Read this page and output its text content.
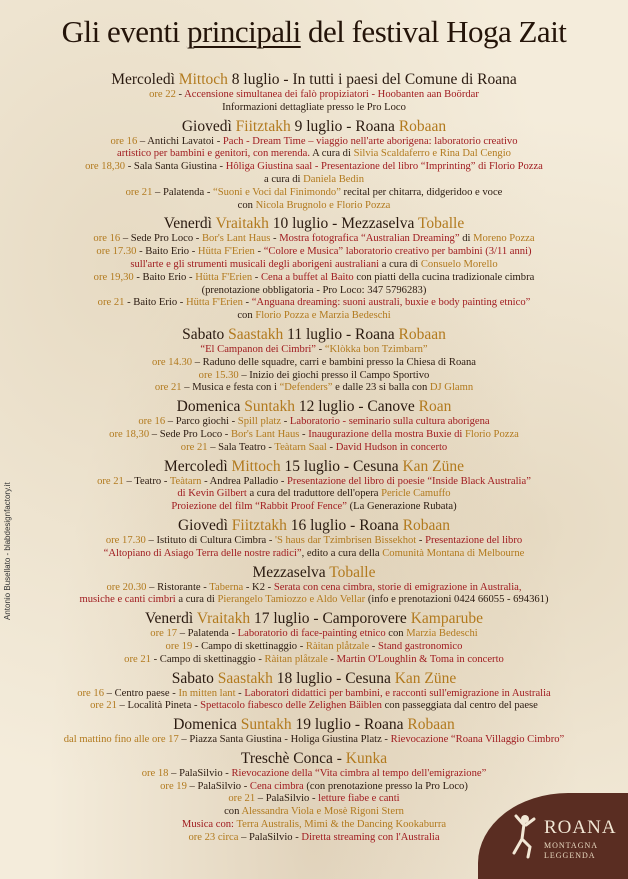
Gli eventi principali del festival Hoga Zait
Mercoledì Mittoch 8 luglio - In tutti i paesi del Comune di Roana
ore 22 - Accensione simultanea dei falò propiziatori - Hoobanten aan Boördar
Informazioni dettagliate presso le Pro Loco
Giovedì Fiitztakh 9 luglio - Roana Robaan
ore 16 – Antichi Lavatoi - Pach - Dream Time – viaggio nell'arte aborigena: laboratorio creativo
artistico per bambini e genitori, con merenda. A cura di Silvia Scaldaferro e Rina Dal Cengio
ore 18,30 - Sala Santa Giustina - Hôliga Giustina saal - Presentazione del libro “Imprinting” di Florio Pozza
a cura di Daniela Bedin
ore 21 – Palatenda - “Suoni e Voci dal Finimondo” recital per chitarra, didgeridoo e voce
con Nicola Brugnolo e Florio Pozza
Venerdì Vraitakh 10 luglio - Mezzaselva Toballe
ore 16 – Sede Pro Loco - Bor's Lant Haus - Mostra fotografica “Australian Dreaming” di Moreno Pozza
ore 17.30 - Baito Erio - Hütta F'Erien - “Colore e Musica” laboratorio creativo per bambini (3/11 anni)
sull'arte e gli strumenti musicali degli aborigeni australiani a cura di Consuelo Morello
ore 19,30 - Baito Erio - Hütta F'Erien - Cena a buffet al Baito con piatti della cucina tradizionale cimbra
(prenotazione obbligatoria - Pro Loco: 347 5796283)
ore 21 - Baito Erio - Hütta F'Erien - “Anguana dreaming: suoni australi, buxie e body painting etnico”
con Florio Pozza e Marzia Bedeschi
Sabato Saastakh 11 luglio - Roana Robaan
“El Campanon dei Cimbri” - “Klòkka bon Tzimbarn”
ore 14.30 – Raduno delle squadre, carri e bambini presso la Chiesa di Roana
ore 15.30 – Inizio dei giochi presso il Campo Sportivo
ore 21 – Musica e festa con i “Defenders” e dalle 23 si balla con DJ Glamn
Domenica Suntakh 12 luglio - Canove Roan
ore 16 – Parco giochi - Spill platz - Laboratorio - seminario sulla cultura aborigena
ore 18,30 – Sede Pro Loco - Bor's Lant Haus - Inaugurazione della mostra Buxie di Florio Pozza
ore 21 – Sala Teatro - Teàtarn Saal - David Hudson in concerto
Mercoledì Mittoch 15 luglio - Cesuna Kan Züne
ore 21 – Teatro - Teàtarn - Andrea Palladio - Presentazione del libro di poesie “Inside Black Australia”
di Kevin Gilbert a cura del traduttore dell'opera Pericle Camuffo
Proiezione del film “Rabbit Proof Fence” (La Generazione Rubata)
Giovedì Fiitztakh 16 luglio - Roana Robaan
ore 17.30 – Istituto di Cultura Cimbra - 'S haus dar Tzimbrisen Bissekhot - Presentazione del libro
“Altopiano di Asiago Terra delle nostre radici”, edito a cura della Comunità Montana di Melbourne
Mezzaselva Toballe
ore 20.30 – Ristorante - Taberna - K2 - Serata con cena cimbra, storie di emigrazione in Australia,
musiche e canti cimbri a cura di Pierangelo Tamiozzo e Aldo Vellar (info e prenotazioni 0424 66055 - 694361)
Venerdì Vraitakh 17 luglio - Camporovere Kamparube
ore 17 – Palatenda - Laboratorio di face-painting etnico con Marzia Bedeschi
ore 19 - Campo di skettinaggio - Ràitan plåtzale - Stand gastronomico
ore 21 - Campo di skettinaggio - Ràitan plåtzale - Martin O'Loughlin & Toma in concerto
Sabato Saastakh 18 luglio - Cesuna Kan Züne
ore 16 – Centro paese - In mitten lant - Laboratori didattici per bambini, e racconti sull'emigrazione in Australia
ore 21 – Località Pineta - Spettacolo fiabesco delle Zelighen Bäiblen con passeggiata dal centro del paese
Domenica Suntakh 19 luglio - Roana Robaan
dal mattino fino alle ore 17 – Piazza Santa Giustina - Holiga Giustina Platz - Rievocazione “Roana Villaggio Cimbro”
Treschè Conca - Kunka
ore 18 – PalaSilvio - Rievocazione della “Vita cimbra al tempo dell'emigrazione”
ore 19 – PalaSilvio - Cena cimbra (con prenotazione presso la Pro Loco)
ore 21 – PalaSilvio - letture fiabe e canti
con Alessandra Viola e Mosè Rigoni Stern
Musica con: Terra Australis, Mimi & the Dancing Kookaburra
ore 23 circa – PalaSilvio - Diretta streaming con l'Australia
Antonio Busellato - blabdesignfactory.it
ROANA
MONTAGNA
LEGGENDA
